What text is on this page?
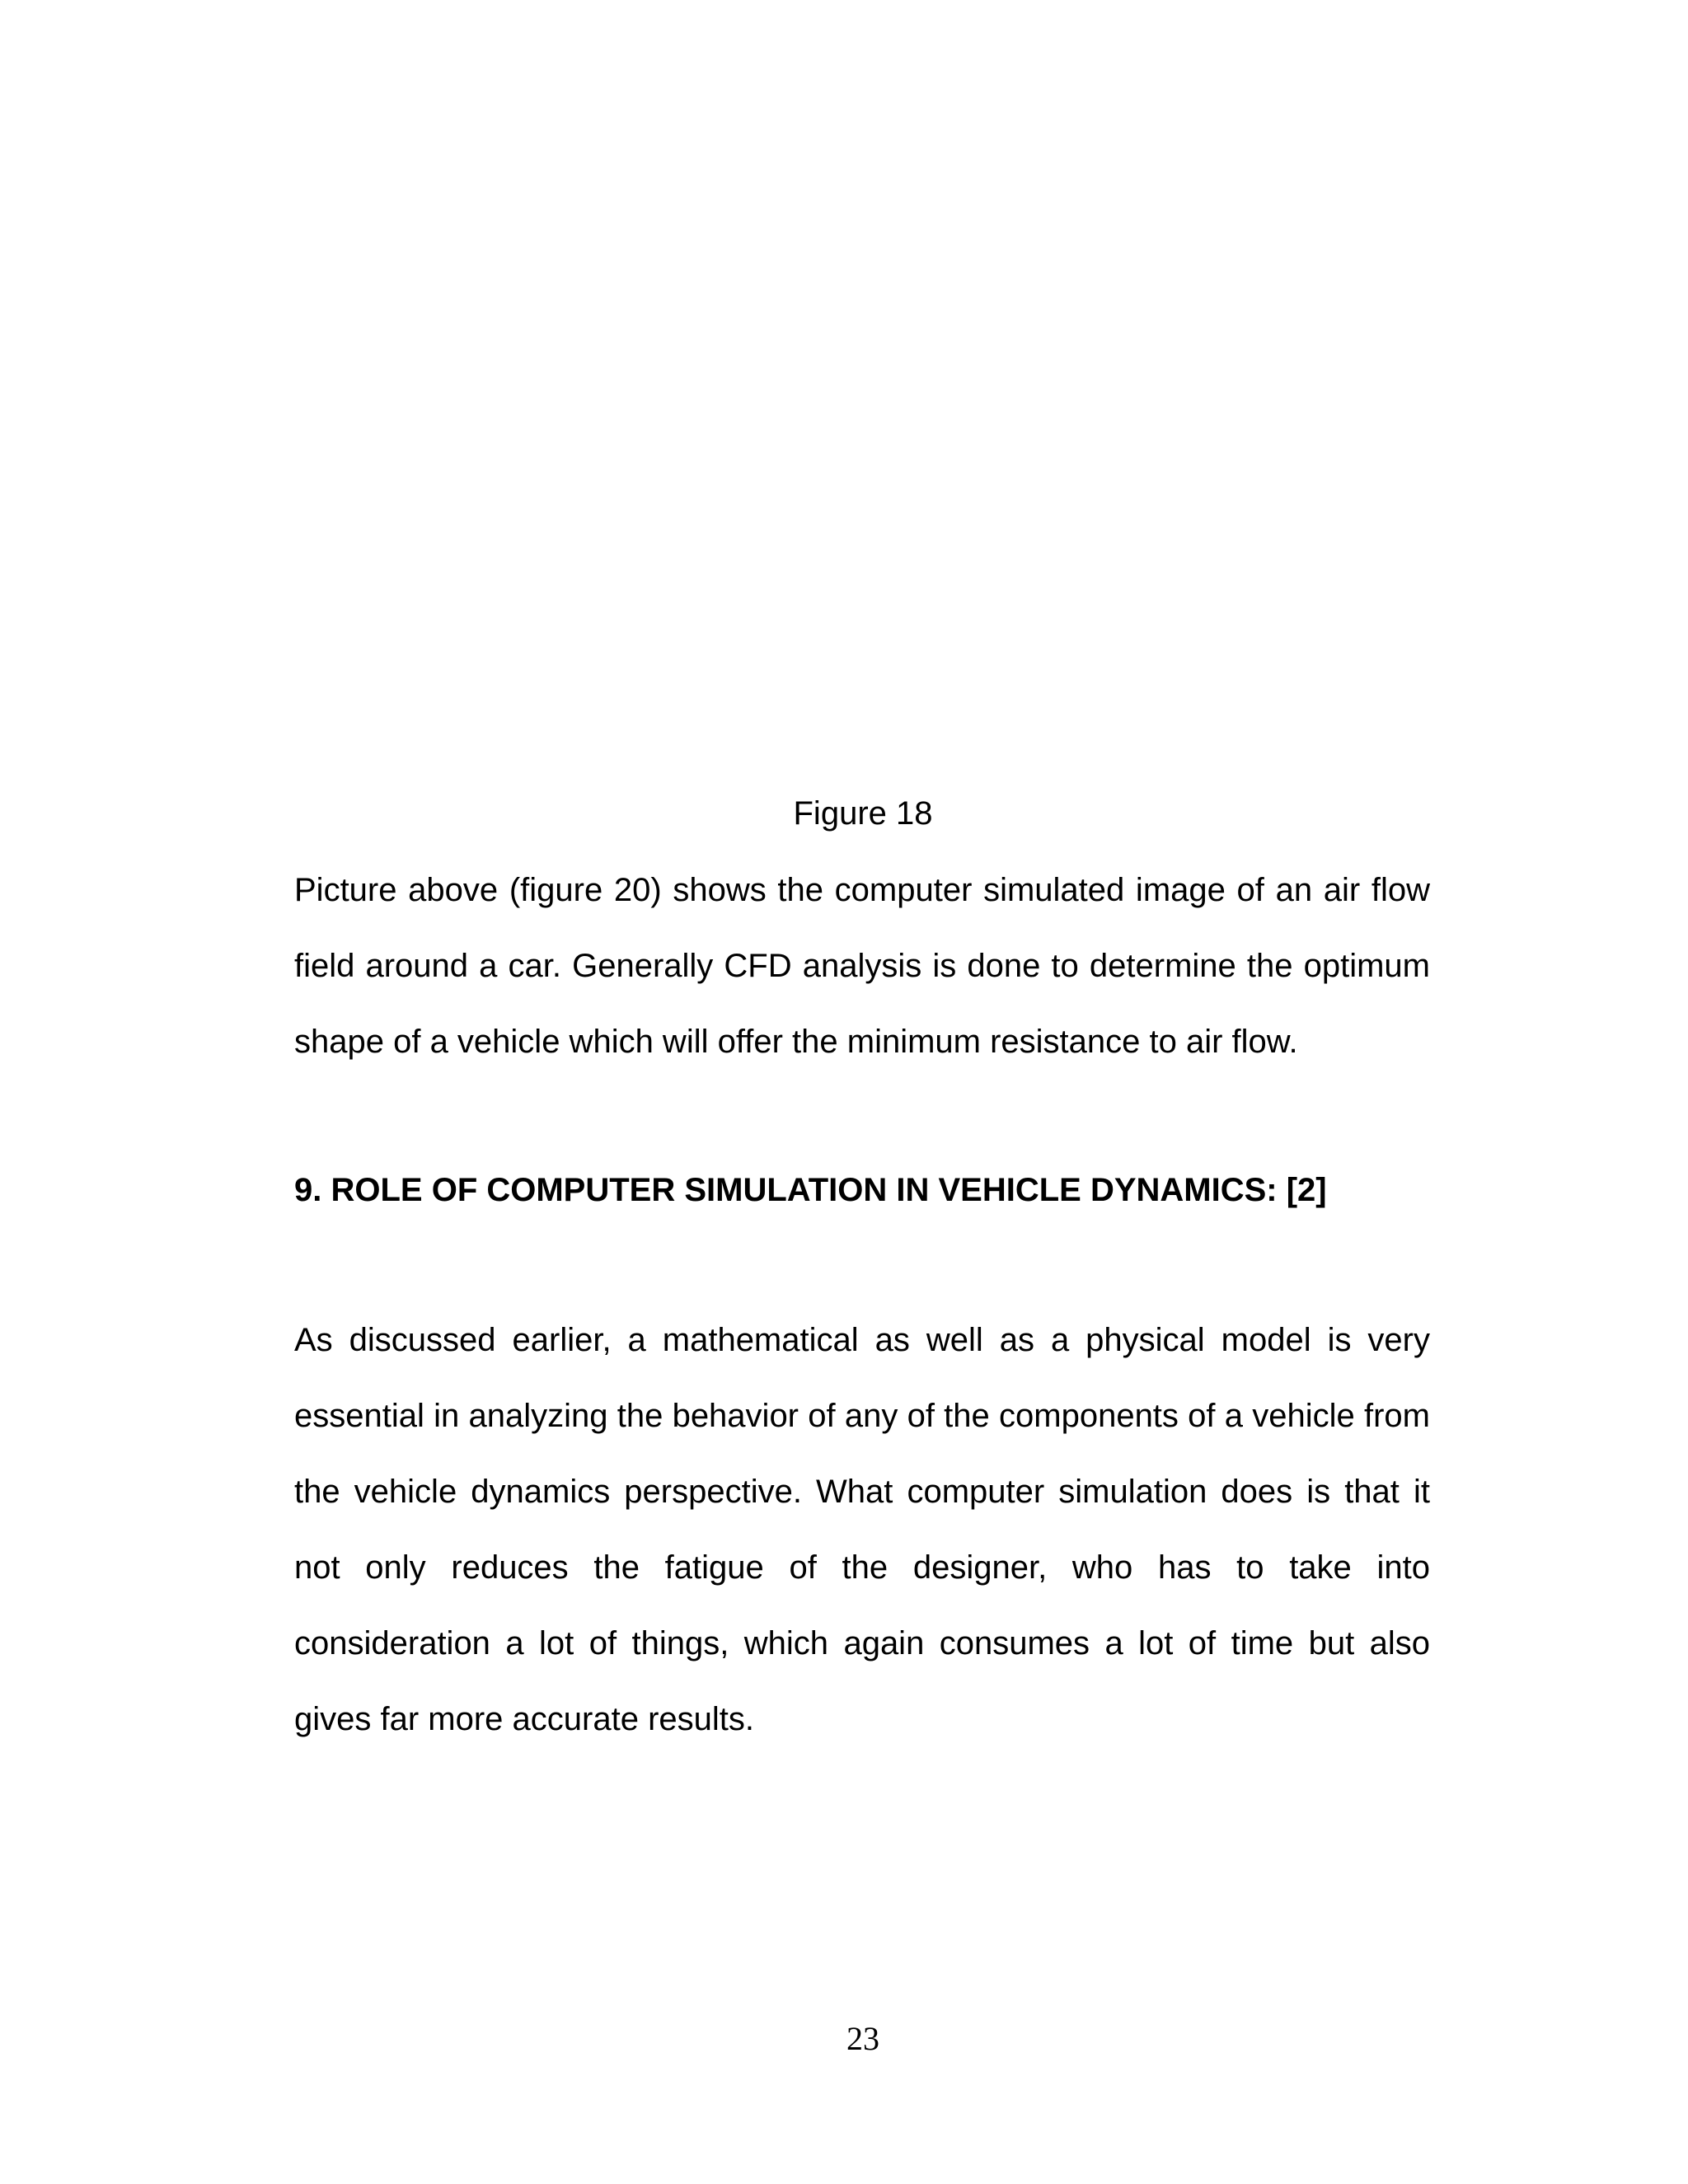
Figure 18

Picture above (figure 20) shows the computer simulated image of an air flow field around a car. Generally CFD analysis is done to determine the optimum shape of a vehicle which will offer the minimum resistance to air flow.

9. ROLE OF COMPUTER SIMULATION IN VEHICLE DYNAMICS: [2]

As discussed earlier, a mathematical as well as a physical model is very essential in analyzing the behavior of any of the components of a vehicle from the vehicle dynamics perspective. What computer simulation does is that it not only reduces the fatigue of the designer, who has to take into consideration a lot of things, which again consumes a lot of time but also gives far more accurate results.

23
